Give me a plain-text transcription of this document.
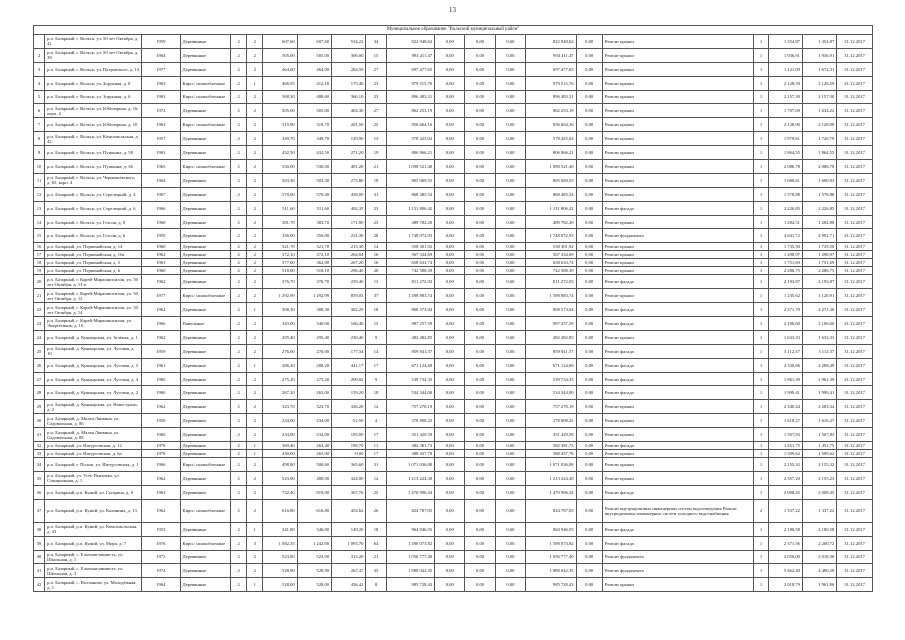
13
Муниципальное образование "Вольский муниципальный район"																				
	р.п. Базарный, г. Вольск, ул. 50 лет Октября, д. 41	1959	Деревянные	2	2	607,60	607,60	534,22	34	822 948,62	0,00	0,00	0,00	822 948,62	0,00	Ремонт крыши	1	1 354,87	1 354,87	31.12.2017
2	р.п. Базарный, г. Вольск, ул. 50 лет Октября, д. 39	1964	Деревянные	2	2	505,00	505,00	306,00	15	994 411,47	0,00	0,00	0,00	994 411,47	0,00	Ремонт крыши	1	1 936,91	1 936,91	31.12.2017
3	р.п. Базарный, г. Вольск, ул. Петровского, д. 14	1977	Деревянные	2	2	464,00	464,00	284,59	27	697 477,65	0,00	0,00	0,00	697 477,65	0,00	Ремонт крыши	1	1 121,09	1 672,31	31.12.2017
4	р.п. Базарный, г. Вольск, ул. Зорунная, д. 8	1963	Кирп./ шлакоблочные	2	1	466,95	412,18	175,40	23	979 515,76	0,00	0,00	0,00	979 515,76	0,00	Ремонт крыши	1	2 128,59	2 126,59	31.12.2017
5	р.п. Базарный, г. Вольск, ул. Зорунная, д. 6	1963	Кирп./ шлакоблочные	2	2	568,30	488,60	366,10	23	896 483,31	0,00	0,00	0,00	896 483,31	0,00	Ремонт крыши	1	2 157,30	2 157,30	31.12.2017
6	р.п. Базарный, г. Вольск, ул. Юбилерная, д. 16, корп. 4	1972	Деревянные	2	2	505,00	505,00	464,30	27	862 253,19	0,00	0,00	0,00	862 253,19	0,00	Ремонт крыши	1	1 707,69	1 634,22	31.12.2017
7	р.п. Базарный, г. Вольск, ул. Юбилерная, д. 10	1963	Кирп./ шлакоблочные	2	2	315,90	319,70	201,50	25	956 664,16	0,00	0,00	0,00	956 664,16	0,00	Ремонт крыши	1	2 128,90	2 128,90	31.12.2017
8	р.п. Базарный, г. Вольск, ул. Комсомольская, д. 42	1957	Деревянные	2	2	349,70	349,70	129,90	13	578 425,02	0,00	0,00	0,00	578 425,02	0,00	Ремонт крыши	1	1 979,61	1 720,79	31.12.2017
9	р.п. Базарный, г. Вольск, ул. Пушкина, д. 58	1963	Деревянные	2	2	432,50	432,50	271,20	19	806 866,21	0,00	0,00	0,00	806 866,21	0,00	Ремонт крыши	1	1 864,55	1 864,55	31.12.2017
10	р.п. Базарный, г. Вольск, ул. Пушкина, д. 56	1965	Кирп./ шлакоблочные	2	2	530,00	530,00	401,20	21	1 098 521,40	0,00	0,00	0,00	1 098 521,40	0,00	Ремонт крыши	1	2 086,78	2 086,78	31.12.2017
11	р.п. Базарный, г. Вольск, ул. Чернышевского, д. 65, корп. 4	1964	Деревянные	2	2	503,30	503,30	275,80	18	805 069,55	0,00	0,00	0,00	805 069,55	0,00	Ремонт крыши	1	1 680,61	1 600,93	31.12.2017
12	р.п. Базарный, г. Вольск, ул. Стрелецкий, д. 4	1967	Деревянные	2	2	570,00	570,00	458,00	31	868 485,54	0,00	0,00	0,00	868 485,54	0,00	Ремонт крыши	1	1 578,88	1 578,88	31.12.2017
13	р.п. Базарный, г. Вольск, ул. Стрелецкий, д. 6	1966	Деревянные	2	2	511,60	511,60	402,35	23	1 131 806,42	0,00	0,00	0,00	1 131 806,42	0,00	Ремонт фасада	1	2 226,85	2 226,85	31.12.2017
14	р.п. Базарный, г. Вольск, ул. Гоголя, д. 8	1960	Деревянные	2	2	381,70	383,70	171,00	25	489 782,20	0,00	0,00	0,00	489 782,20	0,00	Ремонт крыши	1	1 284,51	1 284,88	31.12.2017
15	р.п. Базарный, г. Вольск, ул. Гоголя, д. 6	1959	Деревянные	2	2	356,00	356,00	231,30	28	1 748 072,93	0,00	0,00	0,00	1 748 072,93	0,00	Ремонт фундамента	1	4 641,72	4 902,71	31.12.2017
16	р.п. Базарный, ул. Первомайская, д. 14	1960	Деревянные	2	2	321,70	321,70	215,30	14	558 301,92	0,00	0,00	0,00	558 301,92	0,00	Ремонт крыши	1	1 735,50	1 735,50	31.12.2017
17	р.п. Базарный, ул. Первомайская, д. 16а	1962	Деревянные	2	2	372,10	372,10	264,84	16	567 334,69	0,00	0,00	0,00	567 334,69	0,00	Ремонт крыши	1	1 298,97	1 298,97	31.12.2017
18	р.п. Базарный, ул. Первомайская, д. 5	1963	Деревянные	2	2	377,00	362,00	267,20	16	658 633,74	0,00	0,00	0,00	658 633,74	0,00	Ремонт крыши	1	1 751,69	1 751,69	31.12.2017
19	р.п. Базарный, ул. Первомайская, д. 6	1960	Деревянные	2	2	518,00	518,10	296,40	20	742 588,39	0,00	0,00	0,00	742 588,39	0,00	Ремонт крыши	1	2 286,75	2 286,75	31.12.2017
20	р.п. Базарный, г. Карей-Мирашипсилон, ул. 50 лет Октября, д. 13-а	1962	Деревянные	2	2	376,70	376,70	259,40	13	811 272,03	0,00	0,00	0,00	811 272,03	0,00	Ремонт фасада	1	2 193,87	2 193,87	31.12.2017
21	р.п. Базарный, г. Карей-Мирашипсилон, ул. 50 лет Октября, д. 12	1977	Кирп./ шлакоблочные	2	2	1 292,99	1 292,99	859,03	37	1 598 883,74	0,00	0,00	0,00	1 598 883,74	0,00	Ремонт крыши	1	1 235,62	1 120,91	31.12.2017
22	р.п. Базарный, г. Карей-Мирашипсилон, ул. 50 лет Октября, д. 14	1962	Деревянные	2	1	308,30	308,30	302,29	18	808 573,04	0,00	0,00	0,00	808 573,04	0,00	Ремонт фасада	1	2 271,79	2 271,36	31.12.2017
23	р.п. Базарный, г. Карей-Мирашипсилон, ул. Энергетиков, д. 16	1966	Панельные	2	2	343,00	340,00	166,40	15	987 257,59	0,00	0,00	0,00	987 257,59	0,00	Ремонт фасада	1	2 106,60	2 106,60	31.12.2017
24	р.п. Базарный, д. Куянырская, ул. Зелёная, д. 1	1962	Деревянные	2	2	295,40	295,40	230,40	9	482 482,85	0,00	0,00	0,00	482 482,85	0,00	Ремонт крыши	1	1 633,33	1 633,33	31.12.2017
25	р.п. Базарный, д. Куянырская, ул. Луговая, д. 10	1959	Деревянные	2	2	276,00	276,00	177,34	14	859 841,37	0,00	0,00	0,00	859 841,37	0,00	Ремонт фасада	1	3 112,37	3 112,37	31.12.2017
26	р.п. Базарный, д. Куянырская, ул. Луговая, д. 5	1961	Деревянные	2	1	286,20	288,20	441,17	17	671 124,69	0,00	0,00	0,00	671 124,69	0,00	Ремонт фасада	1	2 330,66	2 288,49	31.12.2017
27	р.п. Базарный, д. Куянырская, ул. Луговая, д. 4	1960	Деревянные	2	2	275,20	275,20	209,02	9	539 734,35	0,00	0,00	0,00	539 734,35	0,00	Ремонт фасада	1	1 961,39	1 961,39	31.12.2017
28	р.п. Базарный, д. Куянырская, ул. Луговая, д. 2	1960	Деревянные	2	2	267,20	263,00	159,20	18	534 344,00	0,00	0,00	0,00	534 344,00	0,00	Ремонт фасада	1	1 999,41	1 999,41	31.12.2017
29	р.п. Базарный, д. Куянырская, ул. Новострахи, д. 2	1962	Деревянные	2	2	323,70	323,70	326,20	12	757 270,19	0,00	0,00	0,00	757 270,19	0,00	Ремонт крыши	1	2 340,44	2 283,34	31.12.2017
30	р.п. Базарный, д. Малая Ляпвина, ул. Садовальная, д. 86	1959	Деревянные	2	2	234,00	234,00	-52,50	4	378 808,25	0,00	0,00	0,00	378 808,25	0,00	Ремонт крыши	1	1 618,27	1 616,27	31.12.2017
31	р.п. Базарный, д. Малая Ляпвина, ул. Садовальная, д. 88	1960	Деревянные	2	2	234,00	234,00	195,00	17	351 429,59	0,00	0,00	0,00	351 429,59	0,00	Ремонт крыши	1	1 507,83	1 507,83	31.12.2017
32	р.п. Базарный, ул. Интурсовская, д. 12	1978	Деревянные	2	1	360,40	263,40	198,70	11	382 381,73	0,00	0,00	0,00	382 381,73	0,00	Ремонт фасада	1	1 451,75	1 451,75	31.12.2017
33	р.п. Базарный, ул. Интурсовская, д. 6а	1978	Деревянные	2	1	430,00	263,00	-0,00	17	388 437,78	0,00	0,00	0,00	388 437,78	0,00	Ремонт крыши	1	1 509,62	1 509,62	31.12.2017
34	р.п. Базарный, г. Полож, ул. Интурсовская, д. 1	1966	Кирп./ шлакоблочные	2	2	498,80	508,60	365,60	31	1 071 036,08	0,00	0,00	0,00	1 071 036,08	0,00	Ремонт крыши	1	2 155,32	2 155,32	31.12.2017
35	р.п. Базарный, ул. Усть-Пьяховка, ул. Станционная, д. 1	1962	Деревянные	2	2	523,90	480,00	324,00	12	1 213 224,30	0,00	0,00	0,00	1 213 224,30	0,00	Ремонт крыши	1	2 357,20	2 155,23	31.12.2017
36	р.п. Базарный, р.п. Куний, ул. Гагарина, д. 6	1963	Деревянные	2	2	732,40	819,00	367,70	25	1 470 996,34	0,00	0,00	0,00	1 470 996,34	0,00	Ремонт фасада	1	2 008,45	2 008,45	31.12.2017
37	р.п. Базарный, р.п. Куний, ул. Калинина, д. 13	1962	Кирп./ шлакоблочные	2	2	616,80	616,80	454,62	26	824 787,05	0,00	0,00	0,00	824 787,05	0,00	Ремонт внутридомовых инженерных систем водоотведения Ремонт внутридомовых инженерных систем холодного водоснабжения	2	1 337,22	1 337,22	31.12.2017
38	р.п. Базарный, р.п. Куний, ул. Комсомольская, д. 43	1953	Деревянные	2	1	341,80	346,00	149,20	18	964 946,55	0,00	0,00	0,00	964 946,55	0,00	Ремонт фасада	1	2 180,58	2 180,58	31.12.2017
39	р.п. Базарный, р.п. Куний, ул. Мира, д. 7	1976	Кирп./ шлакоблочные	2	3	1 082,35	1 242,00	1 093,70	64	1 598 073,82	0,00	0,00	0,00	1 598 073,82	0,00	Ремонт фасада	1	2 371,56	2 200,72	31.12.2017
40	р.п. Базарный, с. Елочная-шинисть, ул. Школьная, д. 1	1975	Деревянные	2	2	523,80	523,90	313,20	21	1 056 777,40	0,00	0,00	0,00	1 056 777,40	0,00	Ремонт фундамента	1	2 056,00	2 018,36	31.12.2017
41	р.п. Базарный, с. Елочная-шинисть, ул. Школьная, д. 3	1974	Деревянные	2	2	528,90	528,90	267,47	35	1 888 042,35	0,00	0,00	0,00	1 888 042,35	0,00	Ремонт фундамента	1	5 462,40	4 480,20	31.12.2017
42	р.п. Базарный, с. Волчанова, ул. Молодёжная, д. 1	1964	Деревянные	2	1	528,00	528,00	456,42	8	985 728,43	0,00	0,00	0,00	985 728,43	0,00	Ремонт крыши	1	2 018,79	1 961,86	31.12.2017
